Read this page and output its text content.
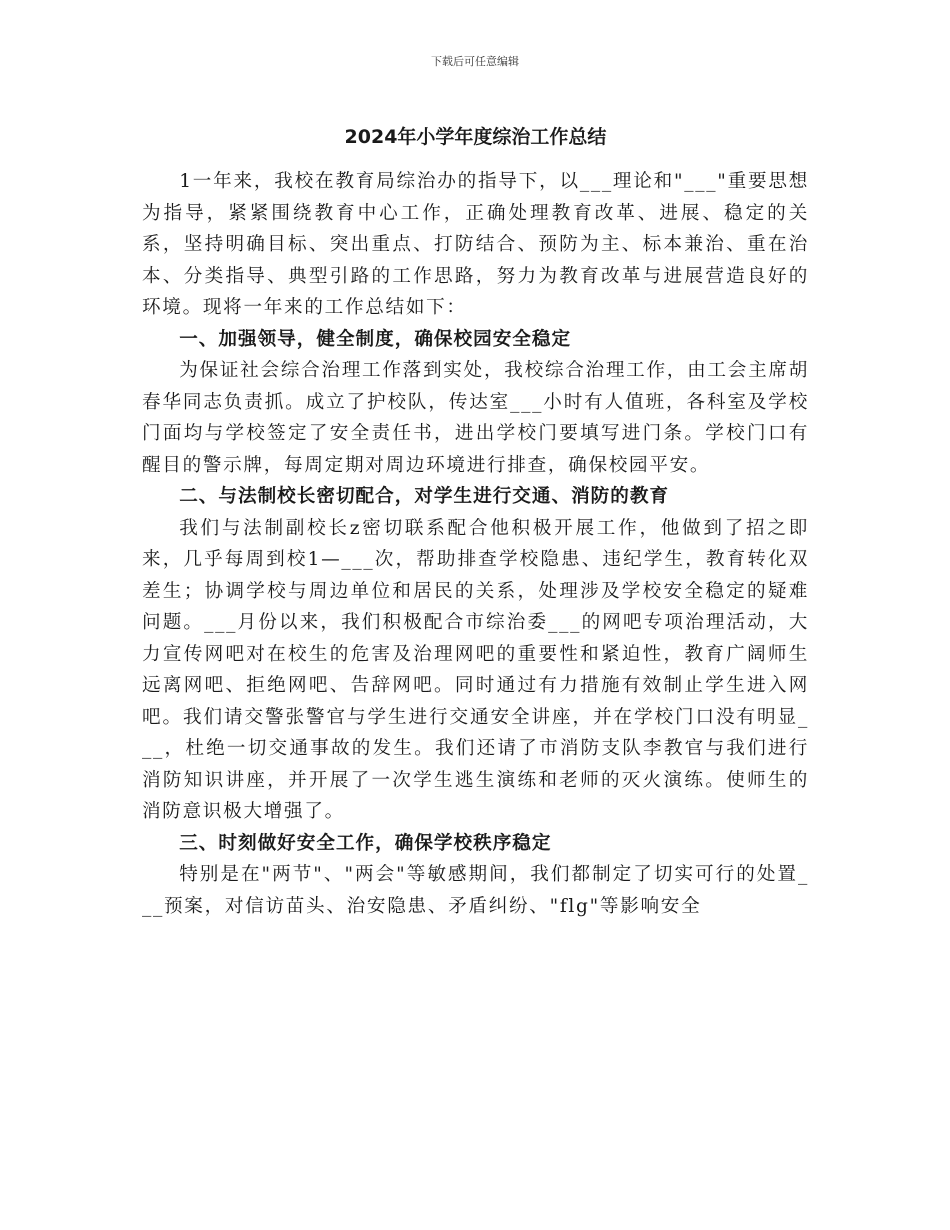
下载后可任意编辑
2024年小学年度综治工作总结

1一年来，我校在教育局综治办的指导下，以___理论和"___"重要思想为指导，紧紧围绕教育中心工作，正确处理教育改革、进展、稳定的关系，坚持明确目标、突出重点、打防结合、预防为主、标本兼治、重在治本、分类指导、典型引路的工作思路，努力为教育改革与进展营造良好的环境。现将一年来的工作总结如下：

一、加强领导，健全制度，确保校园安全稳定

为保证社会综合治理工作落到实处，我校综合治理工作，由工会主席胡春华同志负责抓。成立了护校队，传达室___小时有人值班，各科室及学校门面均与学校签定了安全责任书，进出学校门要填写进门条。学校门口有醒目的警示牌，每周定期对周边环境进行排查，确保校园平安。

二、与法制校长密切配合，对学生进行交通、消防的教育

我们与法制副校长z密切联系配合他积极开展工作，他做到了招之即来，几乎每周到校1—___次，帮助排查学校隐患、违纪学生，教育转化双差生；协调学校与周边单位和居民的关系，处理涉及学校安全稳定的疑难问题。___月份以来，我们积极配合市综治委___的网吧专项治理活动，大力宣传网吧对在校生的危害及治理网吧的重要性和紧迫性，教育广阔师生远离网吧、拒绝网吧、告辞网吧。同时通过有力措施有效制止学生进入网吧。我们请交警张警官与学生进行交通安全讲座，并在学校门口没有明显___，杜绝一切交通事故的发生。我们还请了市消防支队李教官与我们进行消防知识讲座，并开展了一次学生逃生演练和老师的灭火演练。使师生的消防意识极大增强了。

三、时刻做好安全工作，确保学校秩序稳定

特别是在"两节"、"两会"等敏感期间，我们都制定了切实可行的处置___预案，对信访苗头、治安隐患、矛盾纠纷、"flg"等影响安全
